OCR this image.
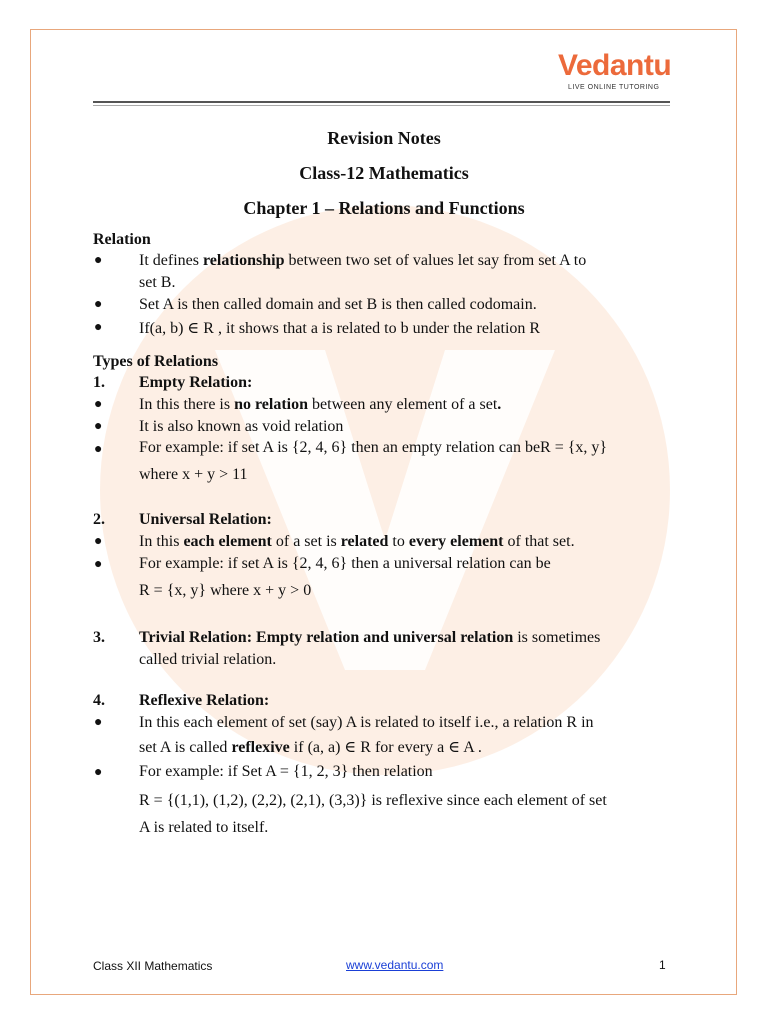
Vedantu
LIVE ONLINE TUTORING
Revision Notes
Class-12 Mathematics
Chapter 1 – Relations and Functions
Relation
● It defines relationship between two set of values let say from set A to
set B.
● Set A is then called domain and set B is then called codomain.
● If(a, b) ∈ R , it shows that a is related to b under the relation R
Types of Relations
1. Empty Relation:
● In this there is no relation between any element of a set.
● It is also known as void relation
● For example: if set A is {2, 4, 6} then an empty relation can beR = {x, y}
where x + y > 11
2. Universal Relation:
● In this each element of a set is related to every element of that set.
● For example: if set A is {2, 4, 6} then a universal relation can be
R = {x, y} where x + y > 0
3. Trivial Relation: Empty relation and universal relation is sometimes
called trivial relation.
4. Reflexive Relation:
● In this each element of set (say) A is related to itself i.e., a relation R in
set A is called reflexive if (a, a) ∈ R for every a ∈ A .
● For example: if Set A = {1, 2, 3} then relation
R = {(1,1), (1,2), (2,2), (2,1), (3,3)} is reflexive since each element of set
A is related to itself.
Class XII Mathematics	www.vedantu.com	1
